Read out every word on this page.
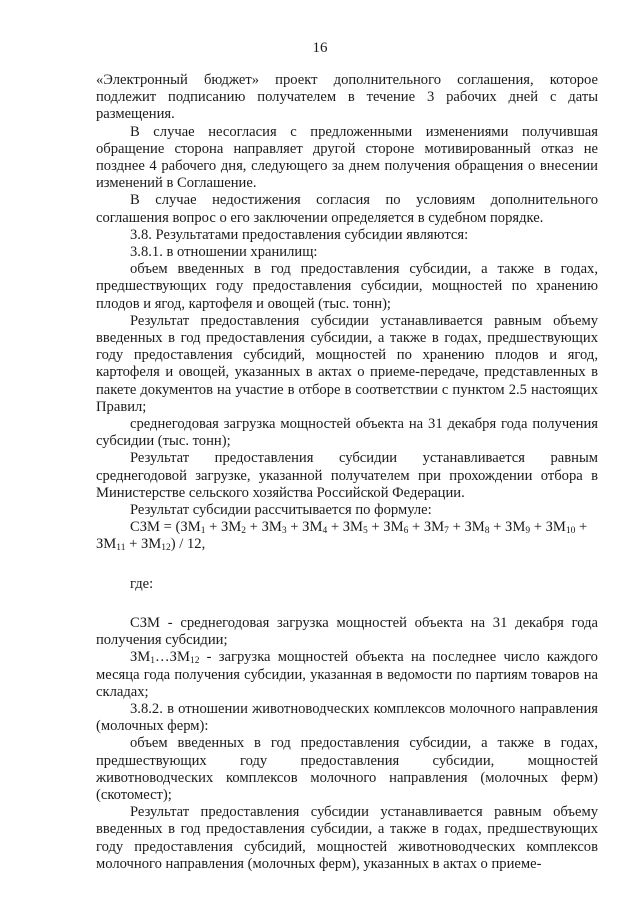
16

«Электронный бюджет» проект дополнительного соглашения, которое подлежит подписанию получателем в течение 3 рабочих дней с даты размещения.

В случае несогласия с предложенными изменениями получившая обращение сторона направляет другой стороне мотивированный отказ не позднее 4 рабочего дня, следующего за днем получения обращения о внесении изменений в Соглашение.

В случае недостижения согласия по условиям дополнительного соглашения вопрос о его заключении определяется в судебном порядке.

3.8. Результатами предоставления субсидии являются:

3.8.1. в отношении хранилищ:

объем введенных в год предоставления субсидии, а также в годах, предшествующих году предоставления субсидии, мощностей по хранению плодов и ягод, картофеля и овощей (тыс. тонн);

Результат предоставления субсидии устанавливается равным объему введенных в год предоставления субсидии, а также в годах, предшествующих году предоставления субсидий, мощностей по хранению плодов и ягод, картофеля и овощей, указанных в актах о приеме-передаче, представленных в пакете документов на участие в отборе в соответствии с пунктом 2.5 настоящих Правил;

среднегодовая загрузка мощностей объекта на 31 декабря года получения субсидии (тыс. тонн);

Результат предоставления субсидии устанавливается равным среднегодовой загрузке, указанной получателем при прохождении отбора в Министерстве сельского хозяйства Российской Федерации.

Результат субсидии рассчитывается по формуле:

СЗМ = $(ЗМ_1 + ЗМ_2 + ЗМ_3 + ЗМ_4 + ЗМ_5 + ЗМ_6 + ЗМ_7 + ЗМ_8 + ЗМ_9 + ЗМ_{10} + ЗМ_{11} + ЗМ_{12}) / 12$,

где:

СЗМ - среднегодовая загрузка мощностей объекта на 31 декабря года получения субсидии;

$ЗМ_1\dots ЗМ_{12}$ - загрузка мощностей объекта на последнее число каждого месяца года получения субсидии, указанная в ведомости по партиям товаров на складах;

3.8.2. в отношении животноводческих комплексов молочного направления (молочных ферм):

объем введенных в год предоставления субсидии, а также в годах, предшествующих году предоставления субсидии, мощностей животноводческих комплексов молочного направления (молочных ферм) (скотомест);

Результат предоставления субсидии устанавливается равным объему введенных в год предоставления субсидии, а также в годах, предшествующих году предоставления субсидий, мощностей животноводческих комплексов молочного направления (молочных ферм), указанных в актах о приеме-
